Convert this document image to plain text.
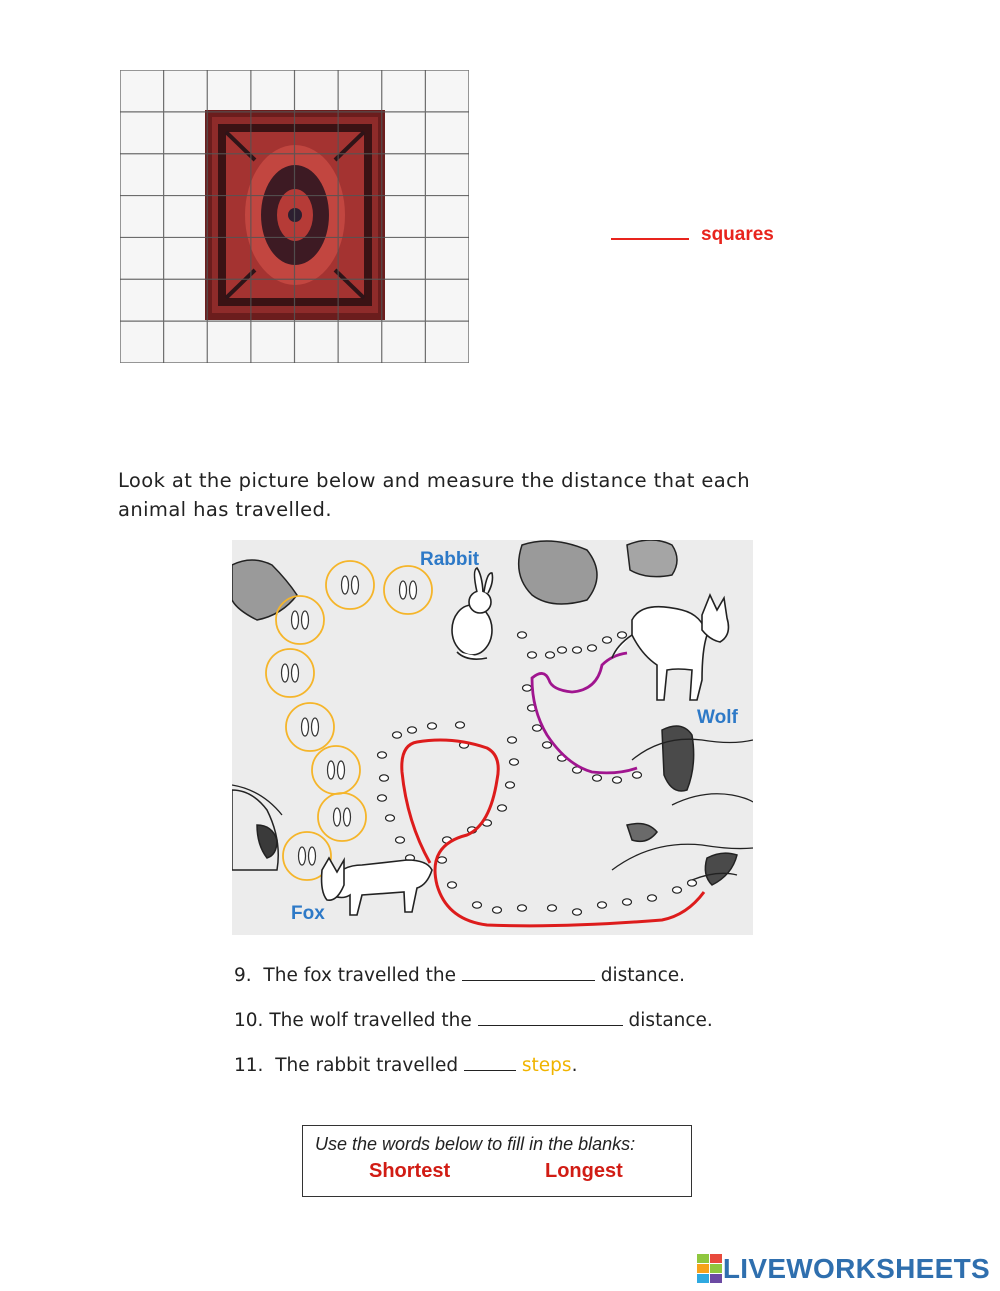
squares
Look at the picture below and measure the distance that each
animal has travelled.
Rabbit
Wolf
Fox
9. The fox travelled the	distance.
10. The wolf travelled the	distance.
11. The rabbit travelled	steps.
Use the words below to fill in the blanks:
Shortest	Longest
LIVEWORKSHEETS
